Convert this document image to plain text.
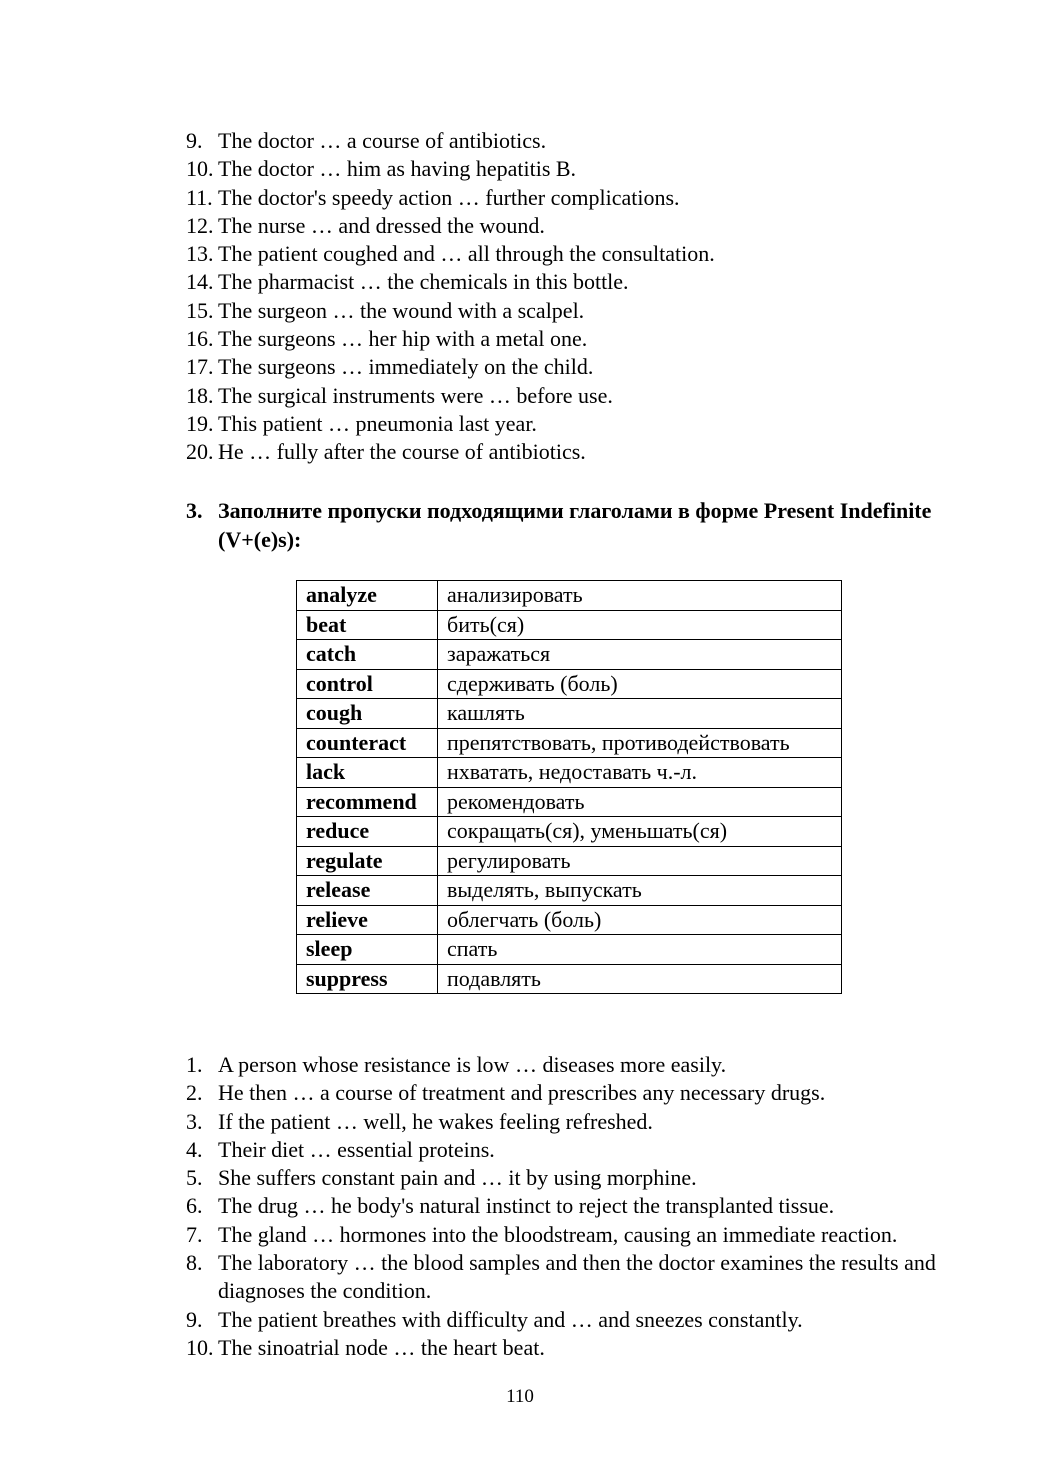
9. The doctor … a course of antibiotics.
10. The doctor … him as having hepatitis B.
11. The doctor's speedy action … further complications.
12. The nurse … and dressed the wound.
13. The patient coughed and … all through the consultation.
14. The pharmacist … the chemicals in this bottle.
15. The surgeon … the wound with a scalpel.
16. The surgeons … her hip with a metal one.
17. The surgeons … immediately on the child.
18. The surgical instruments were … before use.
19. This patient … pneumonia last year.
20. He … fully after the course of antibiotics.
3. Заполните пропуски подходящими глаголами в форме Present Indefinite (V+(e)s):
analyze	анализировать
beat	бить(ся)
catch	заражаться
control	сдерживать (боль)
cough	кашлять
counteract	препятствовать, противодействовать
lack	нхватать, недоставать ч.-л.
recommend	рекомендовать
reduce	сокращать(ся), уменьшать(ся)
regulate	регулировать
release	выделять, выпускать
relieve	облегчать (боль)
sleep	спать
suppress	подавлять
1. A person whose resistance is low … diseases more easily.
2. He then … a course of treatment and prescribes any necessary drugs.
3. If the patient … well, he wakes feeling refreshed.
4. Their diet … essential proteins.
5. She suffers constant pain and … it by using morphine.
6. The drug … he body's natural instinct to reject the transplanted tissue.
7. The gland … hormones into the bloodstream, causing an immediate reaction.
8. The laboratory … the blood samples and then the doctor examines the results and diagnoses the condition.
9. The patient breathes with difficulty and … and sneezes constantly.
10. The sinoatrial node … the heart beat.
110
